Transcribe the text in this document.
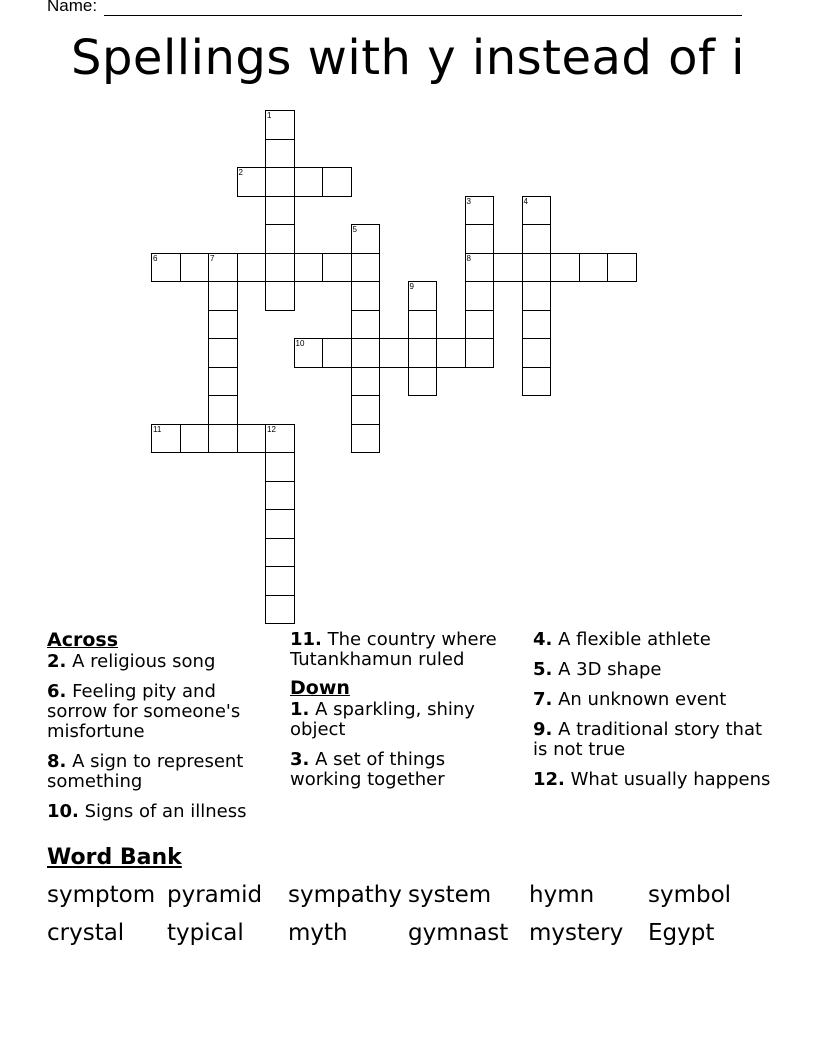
Name:
Spellings with y instead of i
1
2
3
8
4
5
6	7
9
10
11	12
Across
2. A religious song
6. Feeling pity and sorrow for someone's misfortune
8. A sign to represent something
10. Signs of an illness
11. The country where Tutankhamun ruled
Down
1. A sparkling, shiny object
3. A set of things working together
4. A flexible athlete
5. A 3D shape
7. An unknown event
9. A traditional story that is not true
12. What usually happens
Word Bank
symptom pyramid sympathy system hymn symbol
crystal typical myth	gymnast mystery Egypt
